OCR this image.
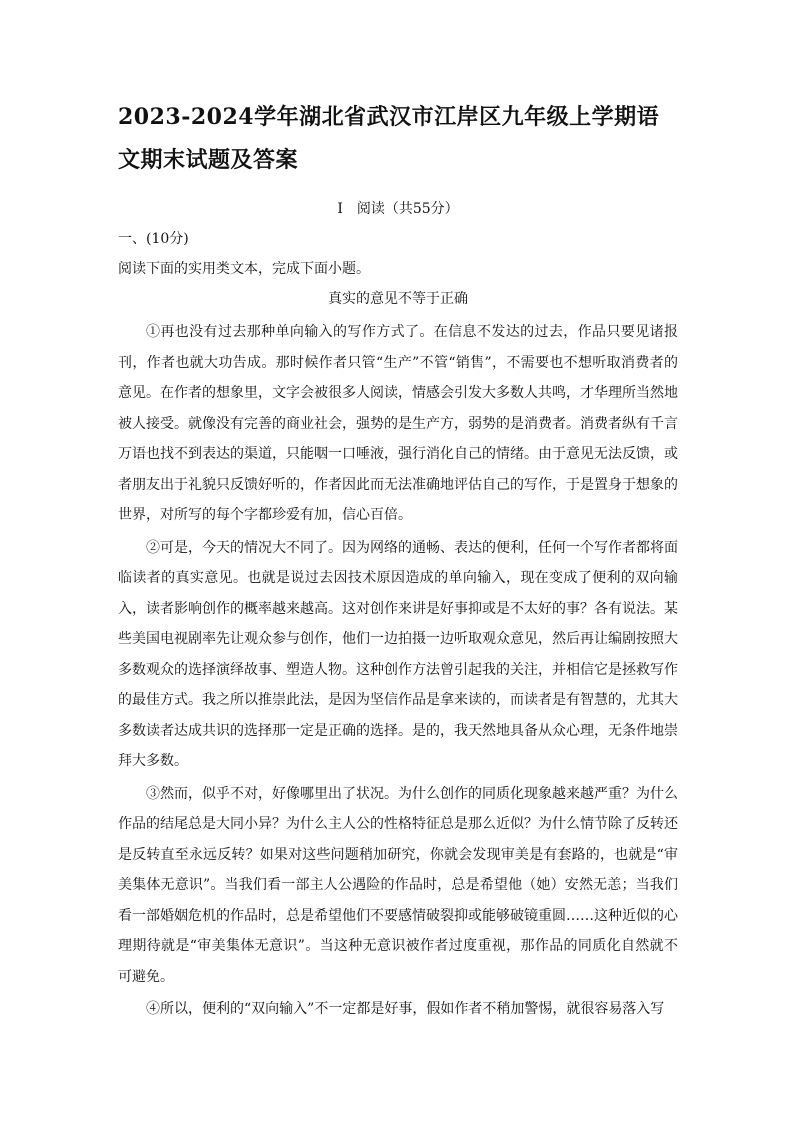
2023-2024学年湖北省武汉市江岸区九年级上学期语文期末试题及答案
Ⅰ　阅读（共55分）
一、(10分)
阅读下面的实用类文本，完成下面小题。
真实的意见不等于正确

①再也没有过去那种单向输入的写作方式了。在信息不发达的过去，作品只要见诸报刊，作者也就大功告成。那时候作者只管“生产”不管“销售”，不需要也不想听取消费者的意见。在作者的想象里，文字会被很多人阅读，情感会引发大多数人共鸣，才华理所当然地被人接受。就像没有完善的商业社会，强势的是生产方，弱势的是消费者。消费者纵有千言万语也找不到表达的渠道，只能咽一口唾液，强行消化自己的情绪。由于意见无法反馈，或者朋友出于礼貌只反馈好听的，作者因此而无法准确地评估自己的写作，于是置身于想象的世界，对所写的每个字都珍爱有加，信心百倍。

②可是，今天的情况大不同了。因为网络的通畅、表达的便利，任何一个写作者都将面临读者的真实意见。也就是说过去因技术原因造成的单向输入，现在变成了便利的双向输入，读者影响创作的概率越来越高。这对创作来讲是好事抑或是不太好的事？各有说法。某些美国电视剧率先让观众参与创作，他们一边拍摄一边听取观众意见，然后再让编剧按照大多数观众的选择演绎故事、塑造人物。这种创作方法曾引起我的关注，并相信它是拯救写作的最佳方式。我之所以推崇此法，是因为坚信作品是拿来读的，而读者是有智慧的，尤其大多数读者达成共识的选择那一定是正确的选择。是的，我天然地具备从众心理，无条件地崇拜大多数。

③然而，似乎不对，好像哪里出了状况。为什么创作的同质化现象越来越严重？为什么作品的结尾总是大同小异？为什么主人公的性格特征总是那么近似？为什么情节除了反转还是反转直至永远反转？如果对这些问题稍加研究，你就会发现审美是有套路的，也就是“审美集体无意识”。当我们看一部主人公遇险的作品时，总是希望他（她）安然无恙；当我们看一部婚姻危机的作品时，总是希望他们不要感情破裂抑或能够破镜重圆……这种近似的心理期待就是“审美集体无意识”。当这种无意识被作者过度重视，那作品的同质化自然就不可避免。

④所以，便利的“双向输入”不一定都是好事，假如作者不稍加警惕，就很容易落入写
